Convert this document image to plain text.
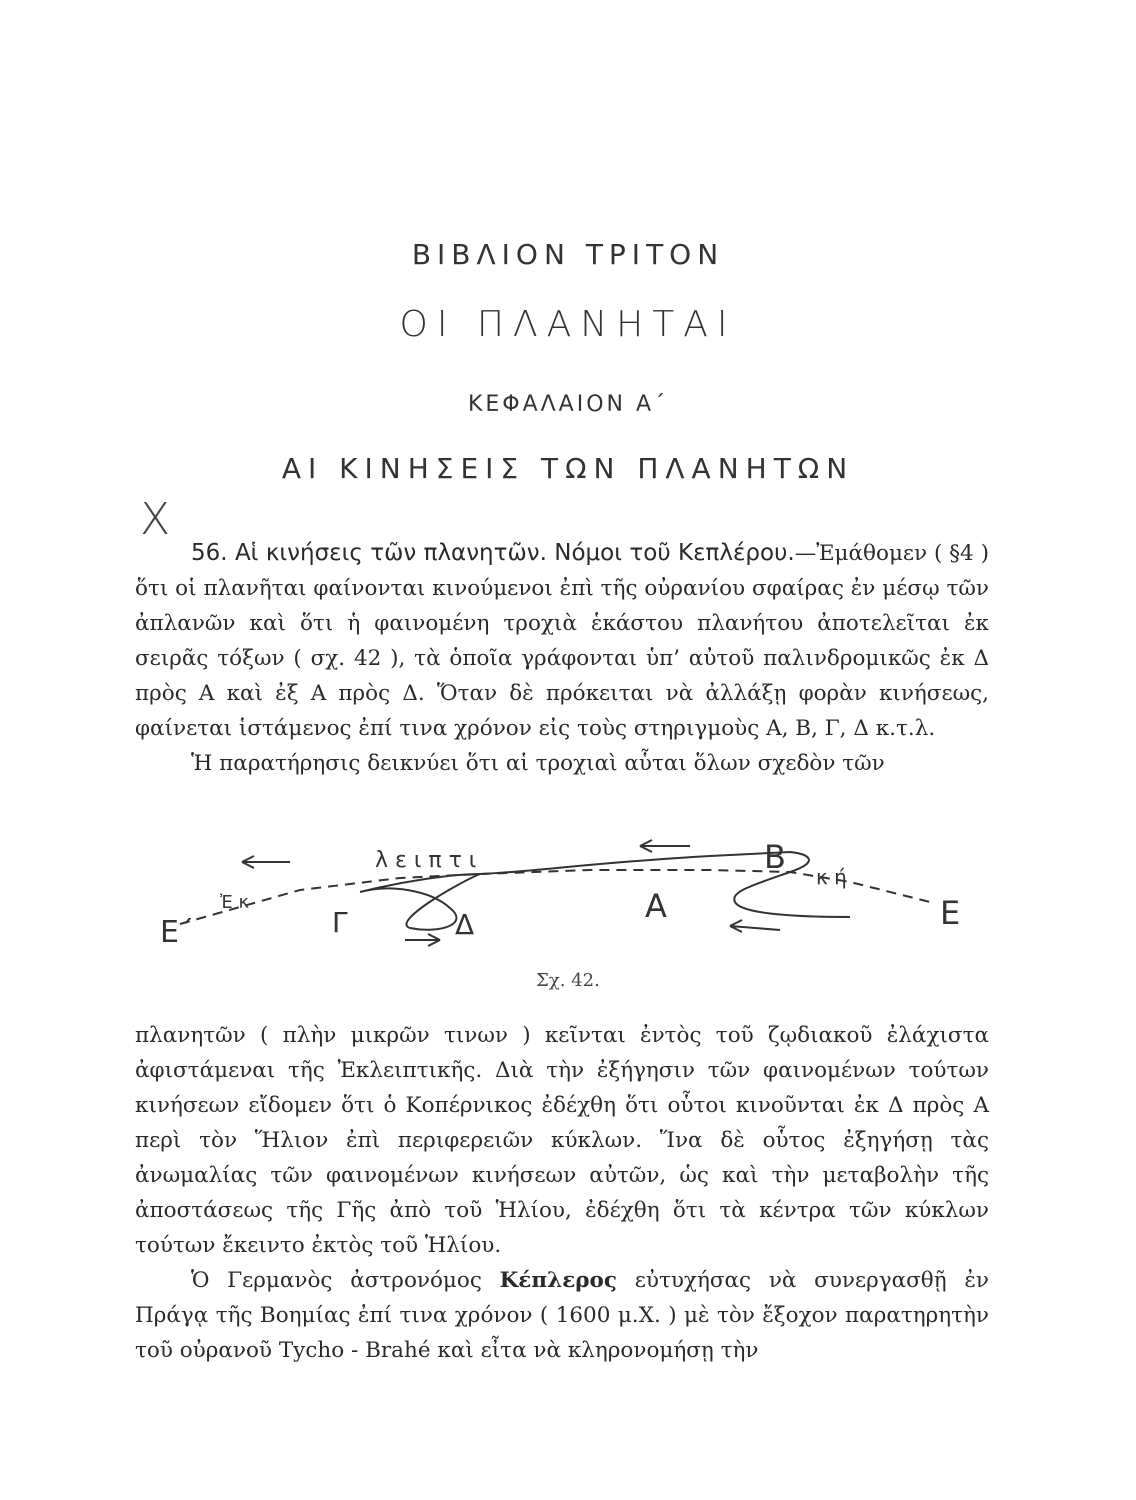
ΒΙΒΛΙΟΝ ΤΡΙΤΟΝ
ΟΙ ΠΛΑΝΗΤΑΙ
ΚΕΦΑΛΑΙΟΝ Α΄
ΑΙ ΚΙΝΗΣΕΙΣ ΤΩΝ ΠΛΑΝΗΤΩΝ
X

56. Αἱ κινήσεις τῶν πλανητῶν. Νόμοι τοῦ Κεπλέρου.—Ἐμάθομεν ( §4 ) ὅτι οἱ πλανῆται φαίνονται κινούμενοι ἐπὶ τῆς οὐρανίου σφαίρας ἐν μέσῳ τῶν ἀπλανῶν καὶ ὅτι ἡ φαινομένη τροχιὰ ἑκάστου πλανήτου ἀποτελεῖται ἐκ σειρᾶς τόξων ( σχ. 42 ), τὰ ὁποῖα γράφονται ὑπ’ αὐτοῦ παλινδρομικῶς ἐκ Δ πρὸς Α καὶ ἐξ Α πρὸς Δ. Ὅταν δὲ πρόκειται νὰ ἀλλάξῃ φορὰν κινήσεως, φαίνεται ἱστάμενος ἐπί τινα χρόνον εἰς τοὺς στηριγμοὺς Α, Β, Γ, Δ κ.τ.λ.

Ἡ παρατήρησις δεικνύει ὅτι αἱ τροχιαὶ αὗται ὅλων σχεδὸν τῶν

Ε΄
Ἐ κ
Γ
λ ε ι π τ ι
Δ	Α
Β
κ ή
Ε
Σχ. 42.

πλανητῶν ( πλὴν μικρῶν τινων ) κεῖνται ἐντὸς τοῦ ζῳδιακοῦ ἐλάχιστα ἀφιστάμεναι τῆς Ἐκλειπτικῆς. Διὰ τὴν ἐξήγησιν τῶν φαινομένων τούτων κινήσεων εἴδομεν ὅτι ὁ Κοπέρνικος ἐδέχθη ὅτι οὗτοι κινοῦνται ἐκ Δ πρὸς Α περὶ τὸν Ἥλιον ἐπὶ περιφερειῶν κύκλων. Ἵνα δὲ οὗτος ἐξηγήσῃ τὰς ἀνωμαλίας τῶν φαινομένων κινήσεων αὐτῶν, ὡς καὶ τὴν μεταβολὴν τῆς ἀποστάσεως τῆς Γῆς ἀπὸ τοῦ Ἡλίου, ἐδέχθη ὅτι τὰ κέντρα τῶν κύκλων τούτων ἔκειντο ἐκτὸς τοῦ Ἡλίου.

Ὁ Γερμανὸς ἀστρονόμος Κέπλερος εὐτυχήσας νὰ συνεργασθῇ ἐν Πράγᾳ τῆς Βοημίας ἐπί τινα χρόνον ( 1600 μ.Χ. ) μὲ τὸν ἔξοχον παρατηρητὴν τοῦ οὐρανοῦ Tycho - Brahé καὶ εἶτα νὰ κληρονομήσῃ τὴν
